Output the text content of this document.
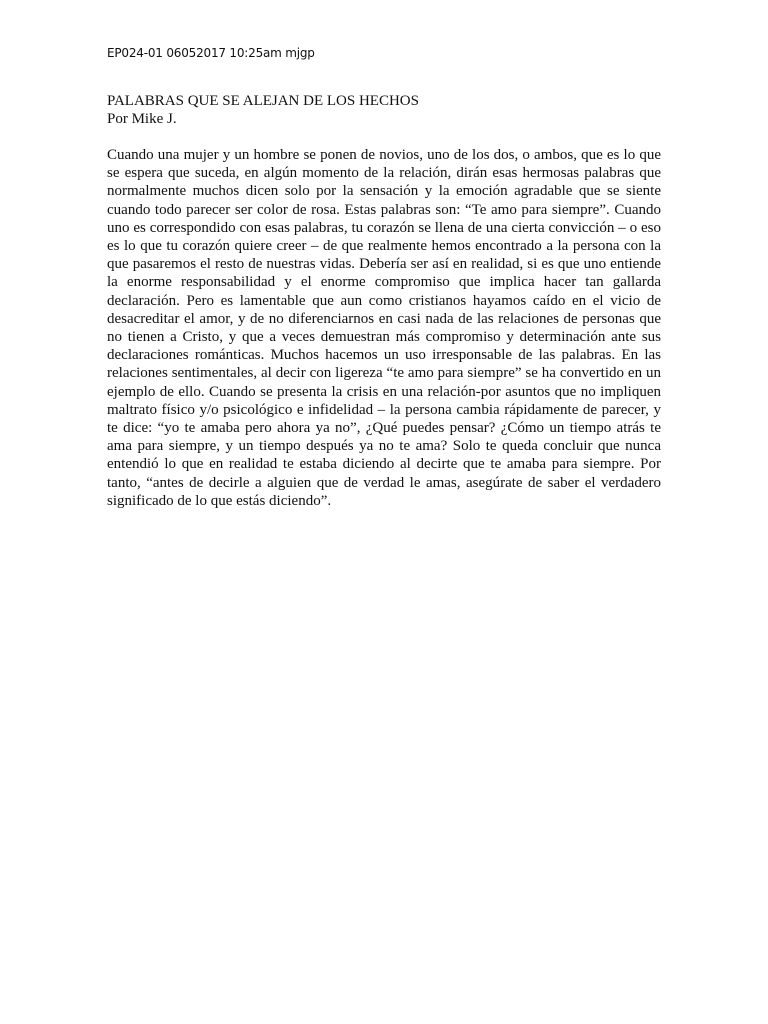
EP024-01 06052017 10:25am mjgp
PALABRAS QUE SE ALEJAN DE LOS HECHOS
Por Mike J.
Cuando una mujer y un hombre se ponen de novios, uno de los dos, o ambos, que es lo que
se espera que suceda, en algún momento de la relación, dirán esas hermosas palabras que
normalmente muchos dicen solo por la sensación y la emoción agradable que se siente
cuando todo parecer ser color de rosa. Estas palabras son: “Te amo para siempre”. Cuando
uno es correspondido con esas palabras, tu corazón se llena de una cierta convicción – o eso
es lo que tu corazón quiere creer – de que realmente hemos encontrado a la persona con la
que pasaremos el resto de nuestras vidas. Debería ser así en realidad, si es que uno entiende
la enorme responsabilidad y el enorme compromiso que implica hacer tan gallarda
declaración. Pero es lamentable que aun como cristianos hayamos caído en el vicio de
desacreditar el amor, y de no diferenciarnos en casi nada de las relaciones de personas que
no tienen a Cristo, y que a veces demuestran más compromiso y determinación ante sus
declaraciones románticas. Muchos hacemos un uso irresponsable de las palabras. En las
relaciones sentimentales, al decir con ligereza “te amo para siempre” se ha convertido en un
ejemplo de ello. Cuando se presenta la crisis en una relación-por asuntos que no impliquen
maltrato físico y/o psicológico e infidelidad – la persona cambia rápidamente de parecer, y
te dice: “yo te amaba pero ahora ya no”, ¿Qué puedes pensar? ¿Cómo un tiempo atrás te
ama para siempre, y un tiempo después ya no te ama? Solo te queda concluir que nunca
entendió lo que en realidad te estaba diciendo al decirte que te amaba para siempre. Por
tanto, “antes de decirle a alguien que de verdad le amas, asegúrate de saber el verdadero
significado de lo que estás diciendo”.
